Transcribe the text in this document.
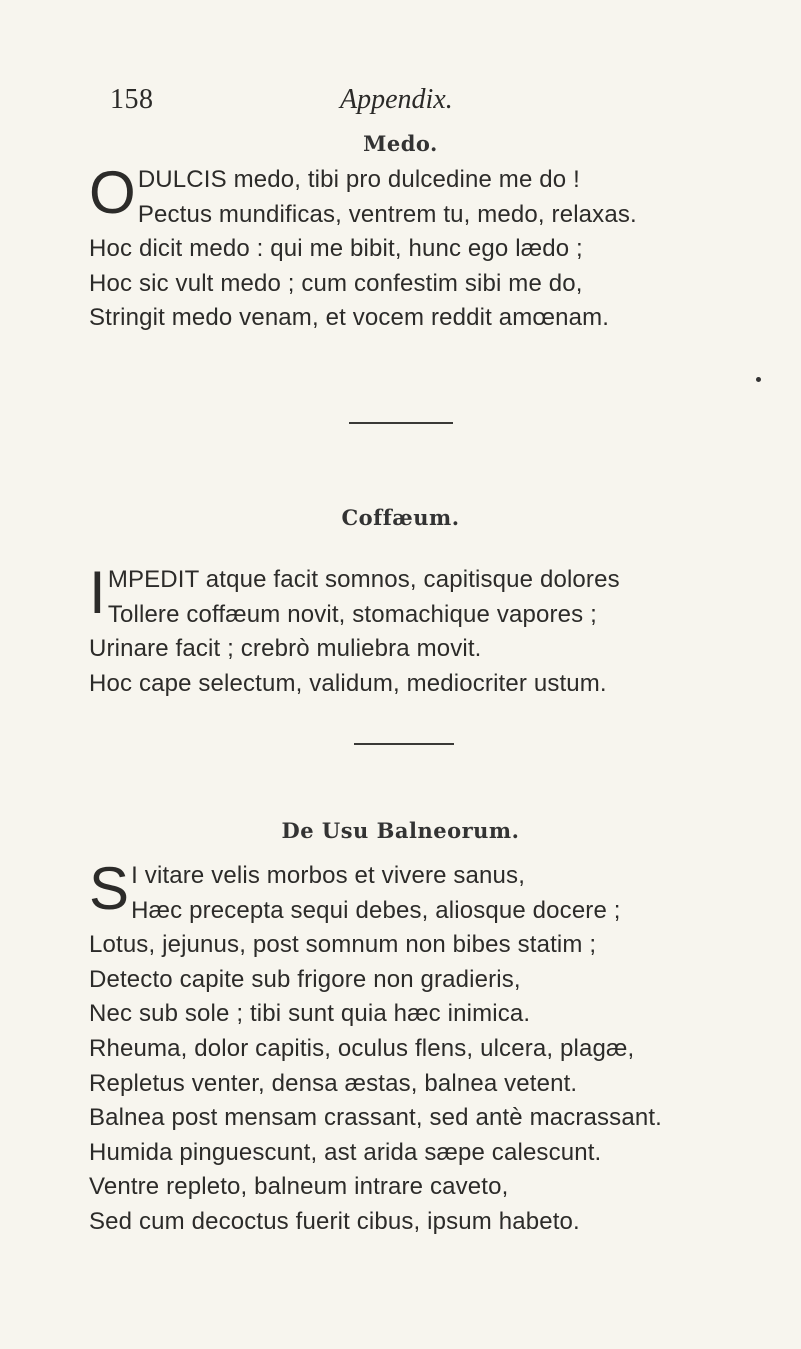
158	Appendix.
Medo.
O DULCIS medo, tibi pro dulcedine me do !
Pectus mundificas, ventrem tu, medo, relaxas.
Hoc dicit medo : qui me bibit, hunc ego lædo ;
Hoc sic vult medo ; cum confestim sibi me do,
Stringit medo venam, et vocem reddit amœnam.
Coffæum.
I MPEDIT atque facit somnos, capitisque dolores
Tollere coffæum novit, stomachique vapores ;
Urinare facit ; crebrò muliebra movit.
Hoc cape selectum, validum, mediocriter ustum.
De Usu Balneorum.
S I vitare velis morbos et vivere sanus,
Hæc precepta sequi debes, aliosque docere ;
Lotus, jejunus, post somnum non bibes statim ;
Detecto capite sub frigore non gradieris,
Nec sub sole ; tibi sunt quia hæc inimica.
Rheuma, dolor capitis, oculus flens, ulcera, plagæ,
Repletus venter, densa æstas, balnea vetent.
Balnea post mensam crassant, sed antè macrassant.
Humida pinguescunt, ast arida sæpe calescunt.
Ventre repleto, balneum intrare caveto,
Sed cum decoctus fuerit cibus, ipsum habeto.
